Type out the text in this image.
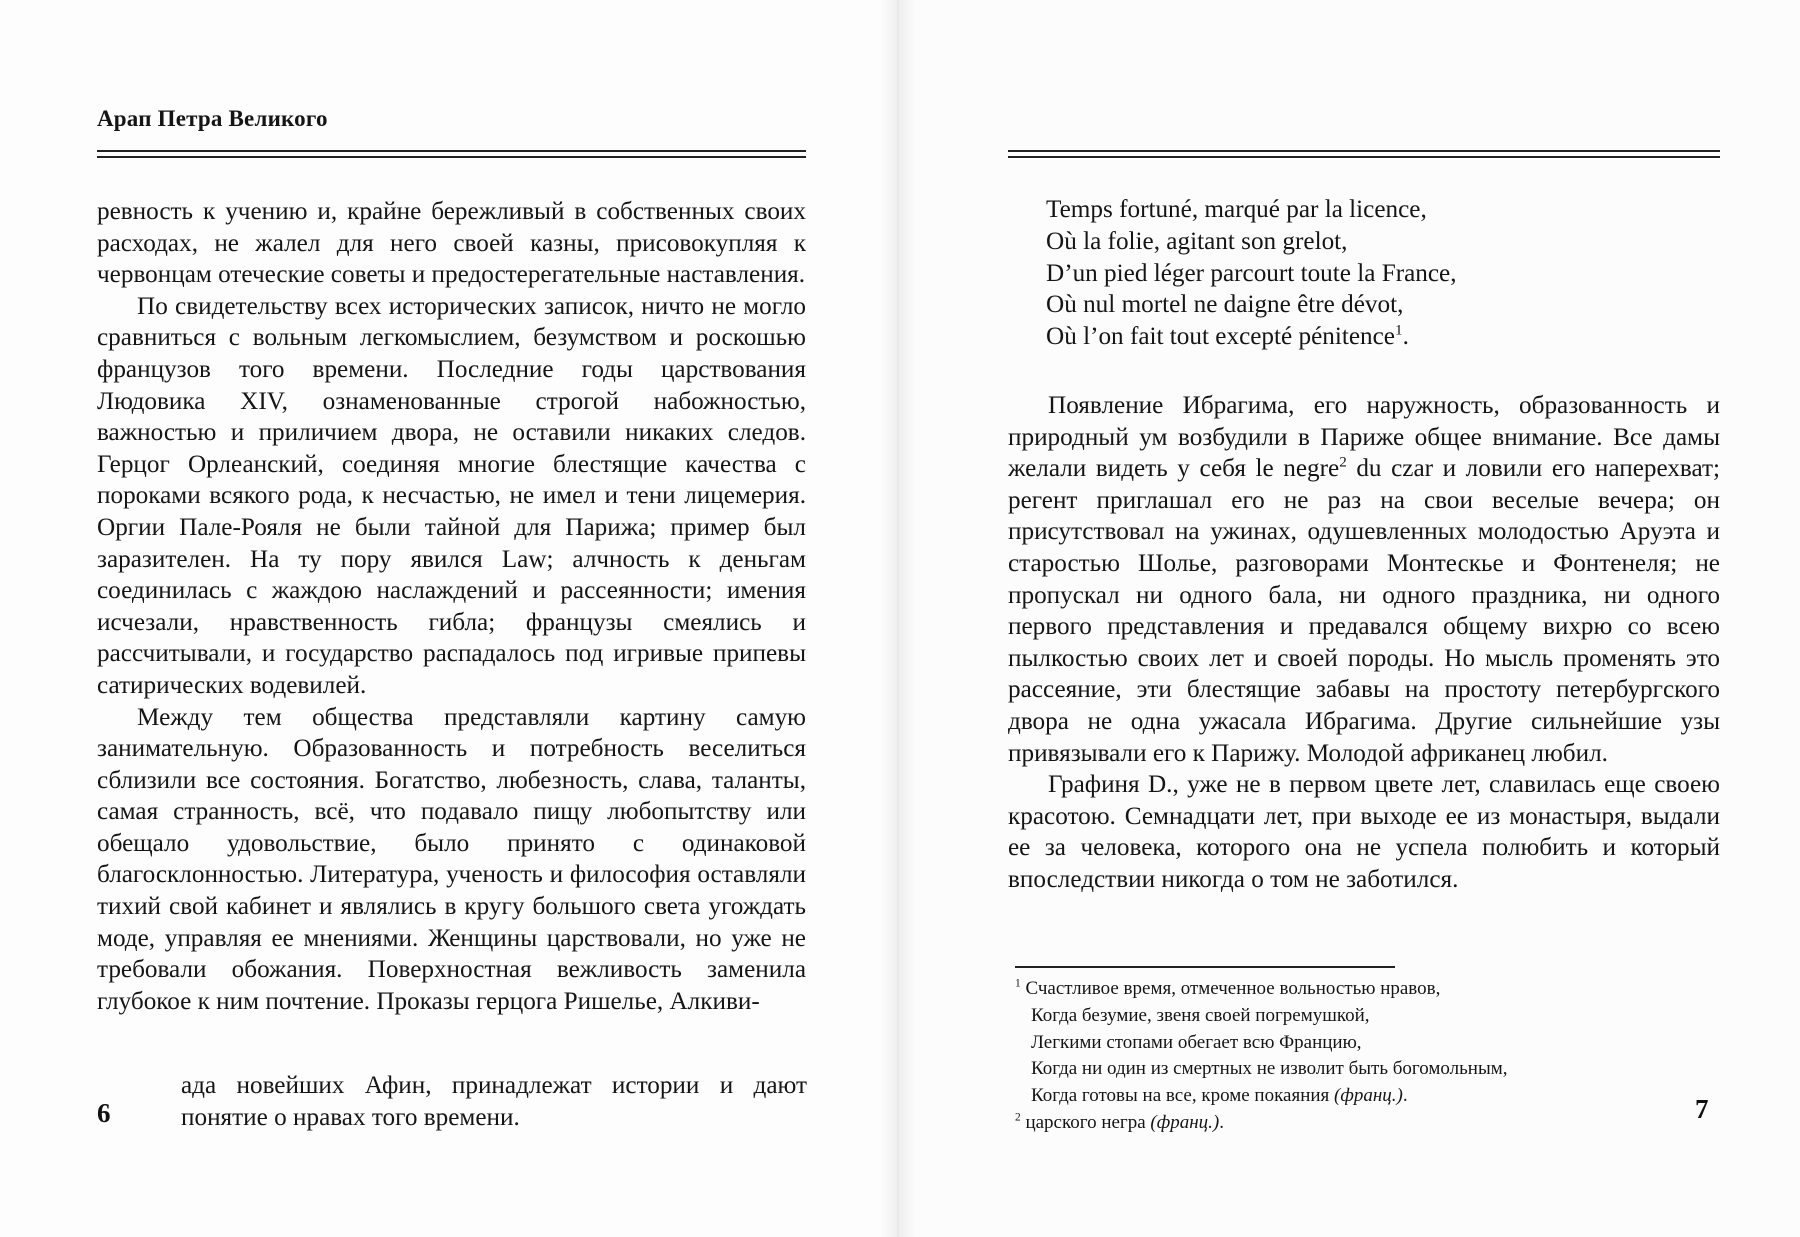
Арап Петра Великого

ревность к учению и, крайне бережливый в собственных своих расходах, не жалел для него своей казны, присовокупляя к червонцам отеческие советы и предостерегательные наставления.

По свидетельству всех исторических записок, ничто не могло сравниться с вольным легкомыслием, безумством и роскошью французов того времени. Последние годы царствования Людовика XIV, ознаменованные строгой набожностью, важностью и приличием двора, не оставили никаких следов. Герцог Орлеанский, соединяя многие блестящие качества с пороками всякого рода, к несчастью, не имел и тени лицемерия. Оргии Пале-Рояля не были тайной для Парижа; пример был заразителен. На ту пору явился Law; алчность к деньгам соединилась с жаждою наслаждений и рассеянности; имения исчезали, нравственность гибла; французы смеялись и рассчитывали, и государство распадалось под игривые припевы сатирических водевилей.

Между тем общества представляли картину самую занимательную. Образованность и потребность веселиться сблизили все состояния. Богатство, любезность, слава, таланты, самая странность, всё, что подавало пищу любопытству или обещало удовольствие, было принято с одинаковой благосклонностью. Литература, ученость и философия оставляли тихий свой кабинет и являлись в кругу большого света угождать моде, управляя ее мнениями. Женщины царствовали, но уже не требовали обожания. Поверхностная вежливость заменила глубокое к ним почтение. Проказы герцога Ришелье, Алкиви-

ада новейших Афин, принадлежат истории и дают понятие о нравах того времени.
6
Temps fortuné, marqué par la licence,
Où la folie, agitant son grelot,
D’un pied léger parcourt toute la France,
Où nul mortel ne daigne être dévot,
Où l’on fait tout excepté pénitence$^1$.

Появление Ибрагима, его наружность, образованность и природный ум возбудили в Париже общее внимание. Все дамы желали видеть у себя le negre$^2$ du czar и ловили его наперехват; регент приглашал его не раз на свои веселые вечера; он присутствовал на ужинах, одушевленных молодостью Аруэта и старостью Шолье, разговорами Монтескье и Фонтенеля; не пропускал ни одного бала, ни одного праздника, ни одного первого представления и предавался общему вихрю со всею пылкостью своих лет и своей породы. Но мысль променять это рассеяние, эти блестящие забавы на простоту петербургского двора не одна ужасала Ибрагима. Другие сильнейшие узы привязывали его к Парижу. Молодой африканец любил.

Графиня D., уже не в первом цвете лет, славилась еще своею красотою. Семнадцати лет, при выходе ее из монастыря, выдали ее за человека, которого она не успела полюбить и который впоследствии никогда о том не заботился.

$^1$ Счастливое время, отмеченное вольностью нравов,
Когда безумие, звеня своей погремушкой,
Легкими стопами обегает всю Францию,
Когда ни один из смертных не изволит быть богомольным,
Когда готовы на все, кроме покаяния (франц.).
$^2$ царского негра (франц.).	7
